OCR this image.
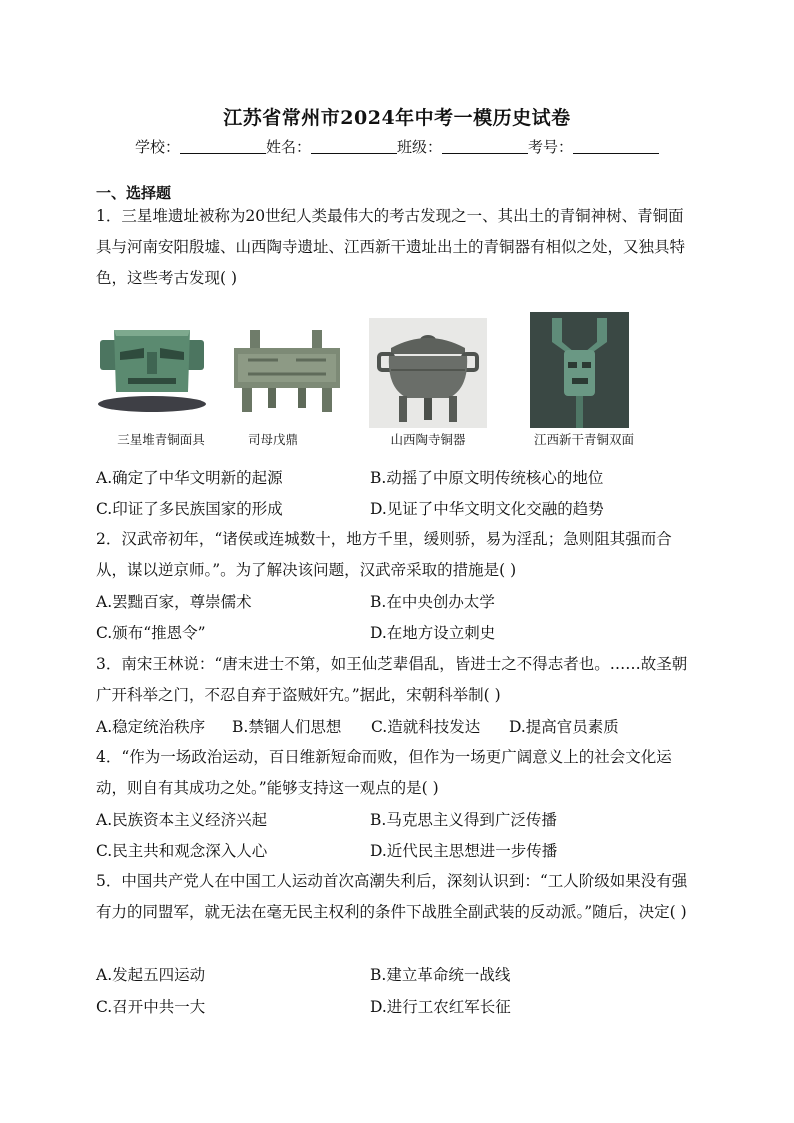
江苏省常州市2024年中考一模历史试卷
学校：	姓名：	班级：	考号：
一、选择题
1．三星堆遗址被称为20世纪人类最伟大的考古发现之一、其出土的青铜神树、青铜面具与河南安阳殷墟、山西陶寺遗址、江西新干遗址出土的青铜器有相似之处，又独具特色，这些考古发现( )
三星堆青铜面具	司母戊鼎	山西陶寺铜器	江西新干青铜双面
A.确定了中华文明新的起源	B.动摇了中原文明传统核心的地位
C.印证了多民族国家的形成	D.见证了中华文明文化交融的趋势
2．汉武帝初年，“诸侯或连城数十，地方千里，缓则骄，易为淫乱；急则阻其强而合从，谋以逆京师。”。为了解决该问题，汉武帝采取的措施是( )
A.罢黜百家，尊崇儒术	B.在中央创办太学
C.颁布“推恩令”	D.在地方设立刺史
3．南宋王林说：“唐末进士不第，如王仙芝辈倡乱，皆进士之不得志者也。……故圣朝广开科举之门，不忍自弃于盗贼奸宄。”据此，宋朝科举制( )
A.稳定统治秩序 B.禁锢人们思想 C.造就科技发达 D.提高官员素质
4．“作为一场政治运动，百日维新短命而败，但作为一场更广阔意义上的社会文化运动，则自有其成功之处。”能够支持这一观点的是( )
A.民族资本主义经济兴起	B.马克思主义得到广泛传播
C.民主共和观念深入人心	D.近代民主思想进一步传播
5．中国共产党人在中国工人运动首次高潮失利后，深刻认识到：“工人阶级如果没有强有力的同盟军，就无法在毫无民主权利的条件下战胜全副武装的反动派。”随后，决定( )
A.发起五四运动	B.建立革命统一战线
C.召开中共一大	D.进行工农红军长征
